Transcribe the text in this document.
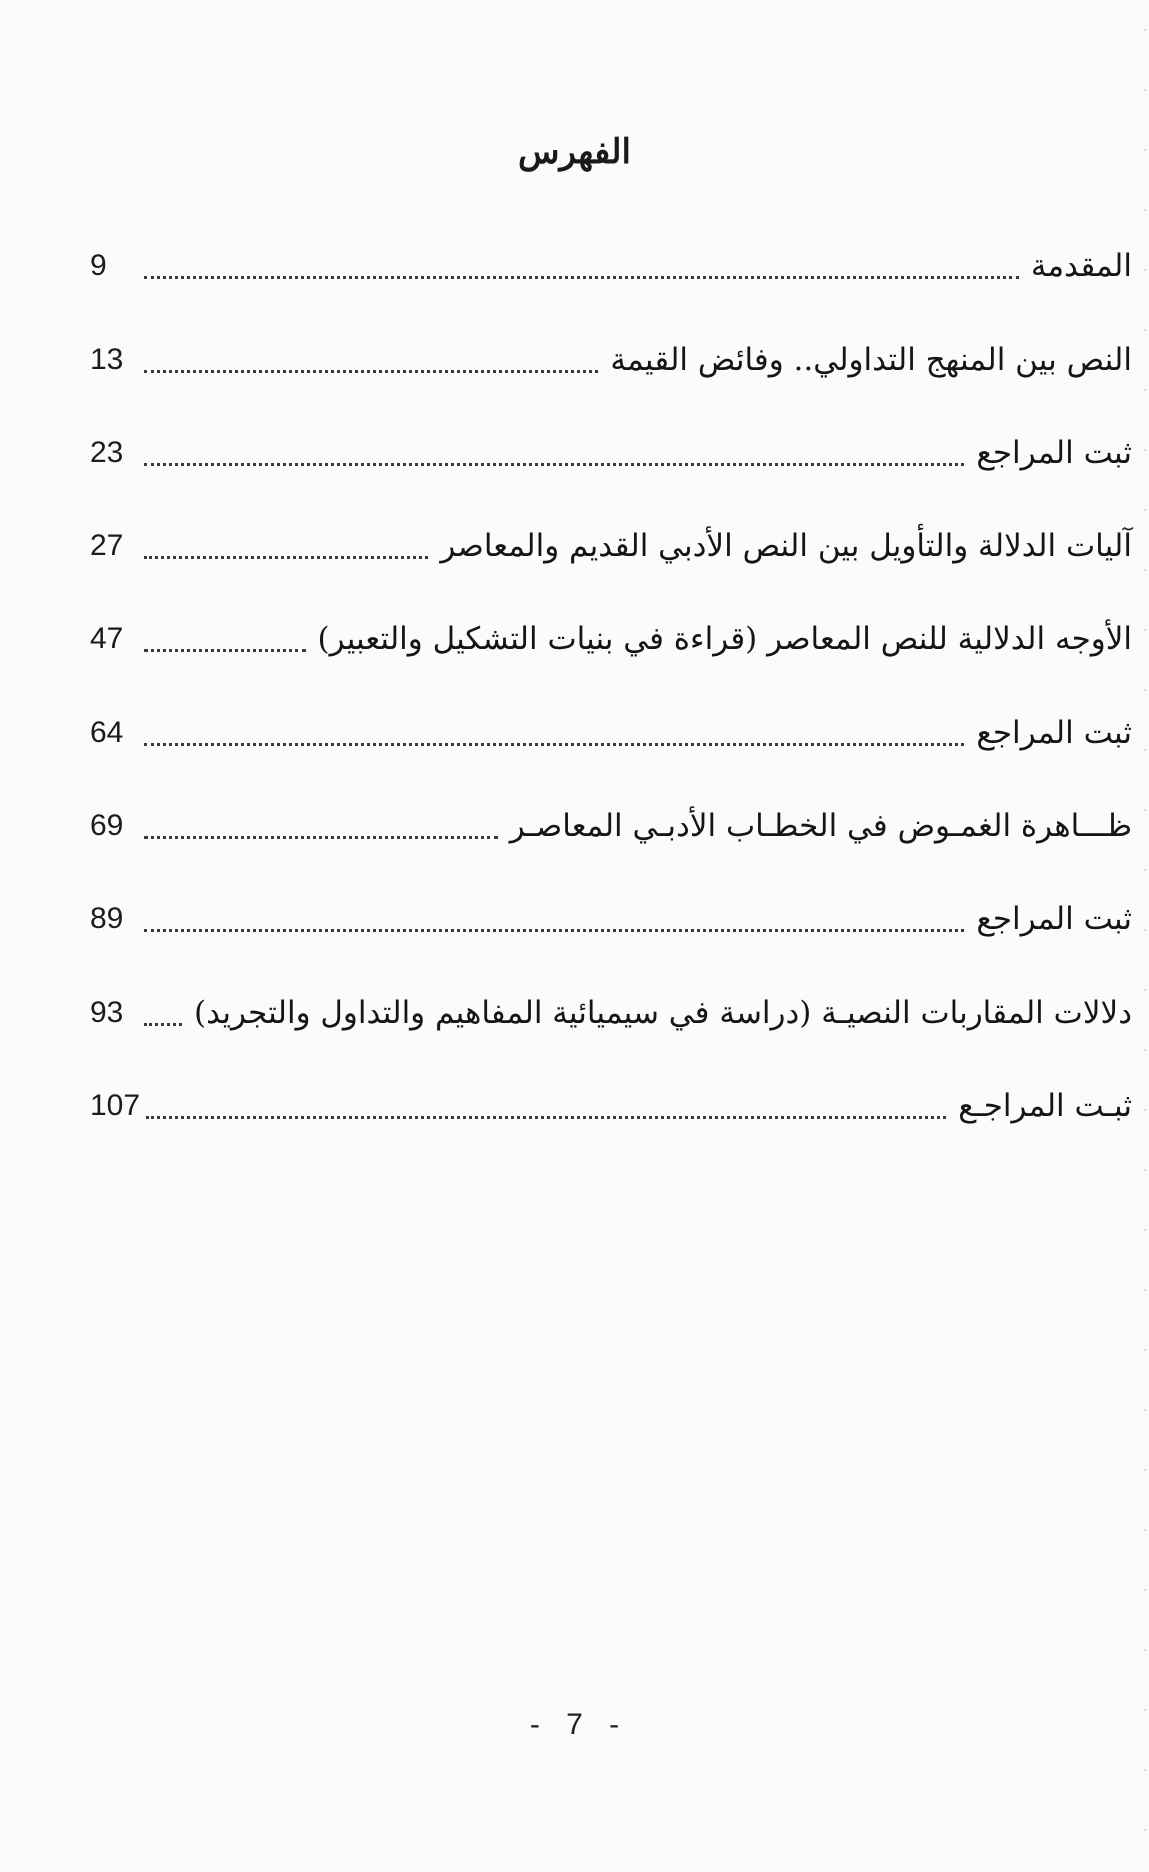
الفهرس
المقدمة
9
النص بين المنهج التداولي.. وفائض القيمة
13
ثبت المراجع
23
آليات الدلالة والتأويل بين النص الأدبي القديم والمعاصر
27
الأوجه الدلالية للنص المعاصر (قراءة في بنيات التشكيل والتعبير)
47
ثبت المراجع
64
ظـــاهرة الغمـوض في الخطـاب الأدبـي المعاصـر
69
ثبت المراجع
89
دلالات المقاربات النصيـة (دراسة في سيميائية المفاهيم والتداول والتجريد)
93
ثبـت المراجـع
107
- 7 -
